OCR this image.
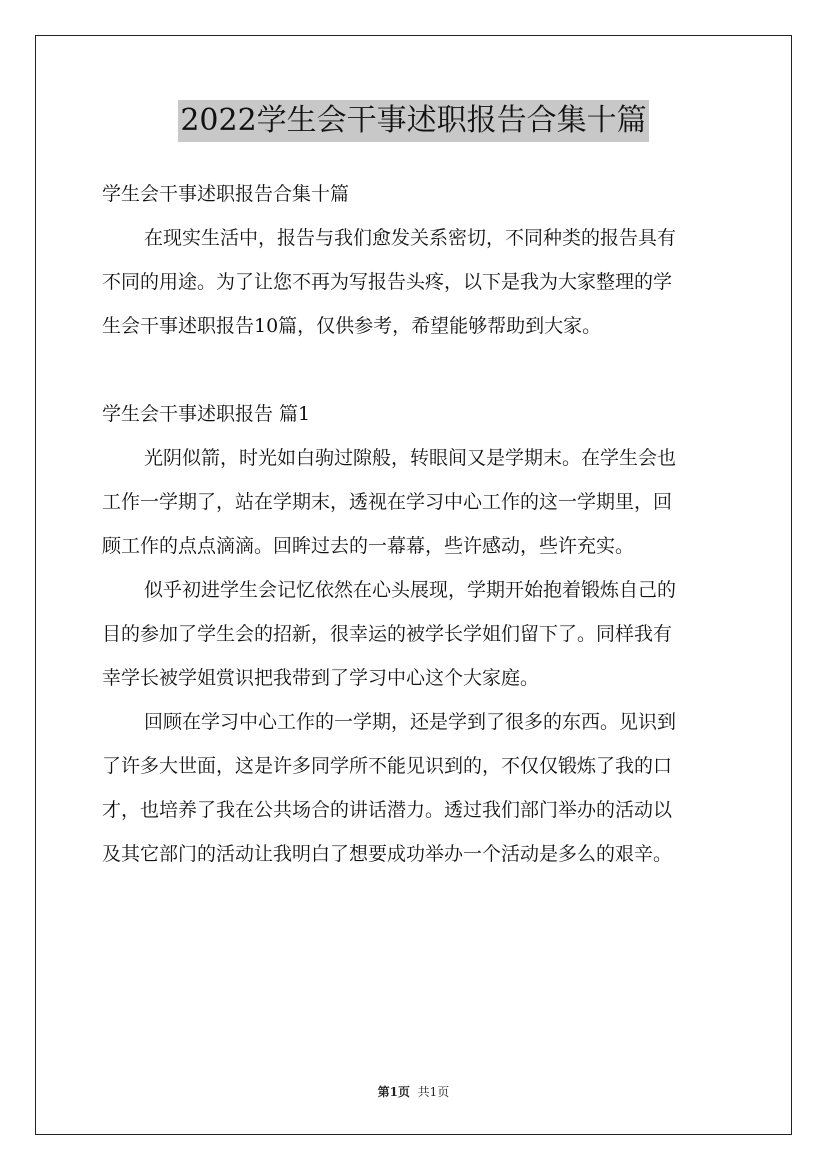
2022学生会干事述职报告合集十篇
学生会干事述职报告合集十篇
在现实生活中，报告与我们愈发关系密切，不同种类的报告具有
不同的用途。为了让您不再为写报告头疼，以下是我为大家整理的学
生会干事述职报告10篇，仅供参考，希望能够帮助到大家。
学生会干事述职报告 篇1
光阴似箭，时光如白驹过隙般，转眼间又是学期末。在学生会也
工作一学期了，站在学期末，透视在学习中心工作的这一学期里，回
顾工作的点点滴滴。回眸过去的一幕幕，些许感动，些许充实。
似乎初进学生会记忆依然在心头展现，学期开始抱着锻炼自己的
目的参加了学生会的招新，很幸运的被学长学姐们留下了。同样我有
幸学长被学姐赏识把我带到了学习中心这个大家庭。
回顾在学习中心工作的一学期，还是学到了很多的东西。见识到
了许多大世面，这是许多同学所不能见识到的，不仅仅锻炼了我的口
才，也培养了我在公共场合的讲话潜力。透过我们部门举办的活动以
及其它部门的活动让我明白了想要成功举办一个活动是多么的艰辛。
第1页 共1页
